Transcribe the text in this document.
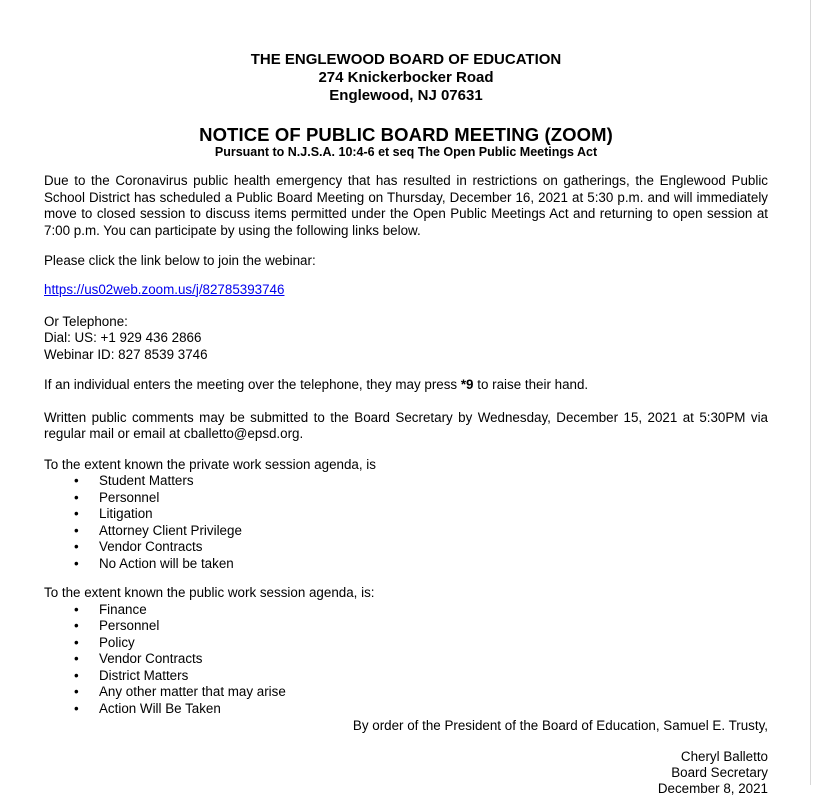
THE ENGLEWOOD BOARD OF EDUCATION
274 Knickerbocker Road
Englewood, NJ 07631
NOTICE OF PUBLIC BOARD MEETING (ZOOM)
Pursuant to N.J.S.A. 10:4-6 et seq The Open Public Meetings Act

Due to the Coronavirus public health emergency that has resulted in restrictions on gatherings, the Englewood Public School District has scheduled a Public Board Meeting on Thursday, December 16, 2021 at 5:30 p.m. and will immediately move to closed session to discuss items permitted under the Open Public Meetings Act and returning to open session at 7:00 p.m. You can participate by using the following links below.

Please click the link below to join the webinar:

https://us02web.zoom.us/j/82785393746

Or Telephone:
Dial: US: +1 929 436 2866
Webinar ID: 827 8539 3746

If an individual enters the meeting over the telephone, they may press *9 to raise their hand.

Written public comments may be submitted to the Board Secretary by Wednesday, December 15, 2021 at 5:30PM via regular mail or email at cballetto@epsd.org.

To the extent known the private work session agenda, is
• Student Matters
• Personnel
• Litigation
• Attorney Client Privilege
• Vendor Contracts
• No Action will be taken
To the extent known the public work session agenda, is:
• Finance
• Personnel
• Policy
• Vendor Contracts
• District Matters
• Any other matter that may arise
• Action Will Be Taken
By order of the President of the Board of Education, Samuel E. Trusty,
Cheryl Balletto
Board Secretary
December 8, 2021
